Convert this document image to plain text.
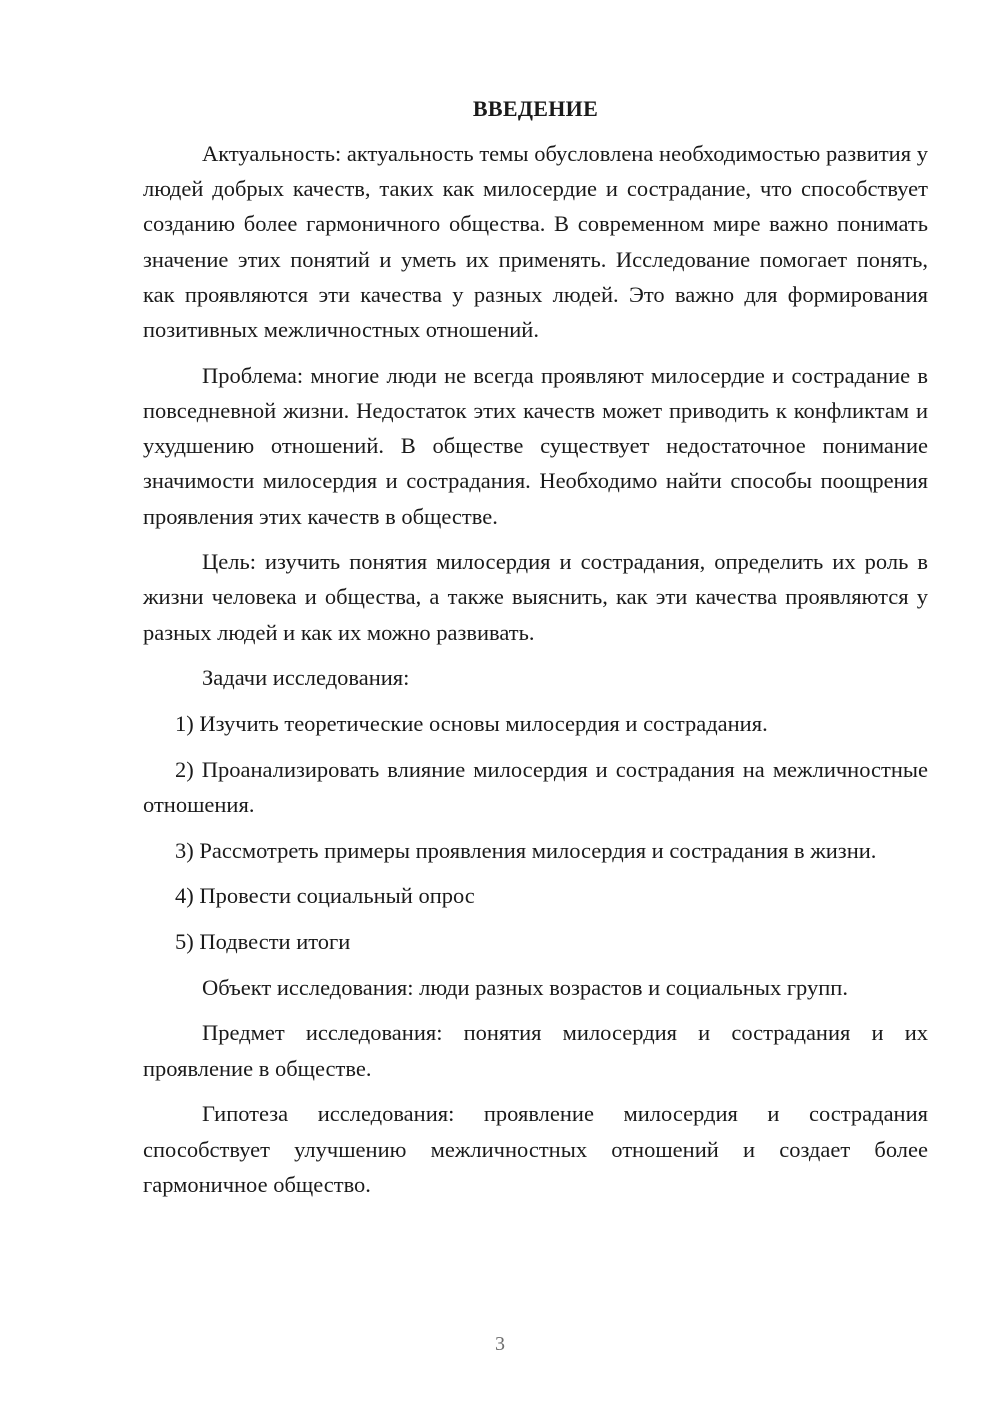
ВВЕДЕНИЕ

Актуальность: актуальность темы обусловлена необходимостью развития у людей добрых качеств, таких как милосердие и сострадание, что способствует созданию более гармоничного общества. В современном мире важно понимать значение этих понятий и уметь их применять. Исследование помогает понять, как проявляются эти качества у разных людей. Это важно для формирования позитивных межличностных отношений.

Проблема: многие люди не всегда проявляют милосердие и сострадание в повседневной жизни. Недостаток этих качеств может приводить к конфликтам и ухудшению отношений. В обществе существует недостаточное понимание значимости милосердия и сострадания. Необходимо найти способы поощрения проявления этих качеств в обществе.

Цель: изучить понятия милосердия и сострадания, определить их роль в жизни человека и общества, а также выяснить, как эти качества проявляются у разных людей и как их можно развивать.

Задачи исследования:

1) Изучить теоретические основы милосердия и сострадания.

2) Проанализировать влияние милосердия и сострадания на межличностные отношения.

3) Рассмотреть примеры проявления милосердия и сострадания в жизни.

4) Провести социальный опрос

5) Подвести итоги

Объект исследования: люди разных возрастов и социальных групп.

Предмет исследования: понятия милосердия и сострадания и их проявление в обществе.

Гипотеза исследования: проявление милосердия и сострадания способствует улучшению межличностных отношений и создает более гармоничное общество.

3
